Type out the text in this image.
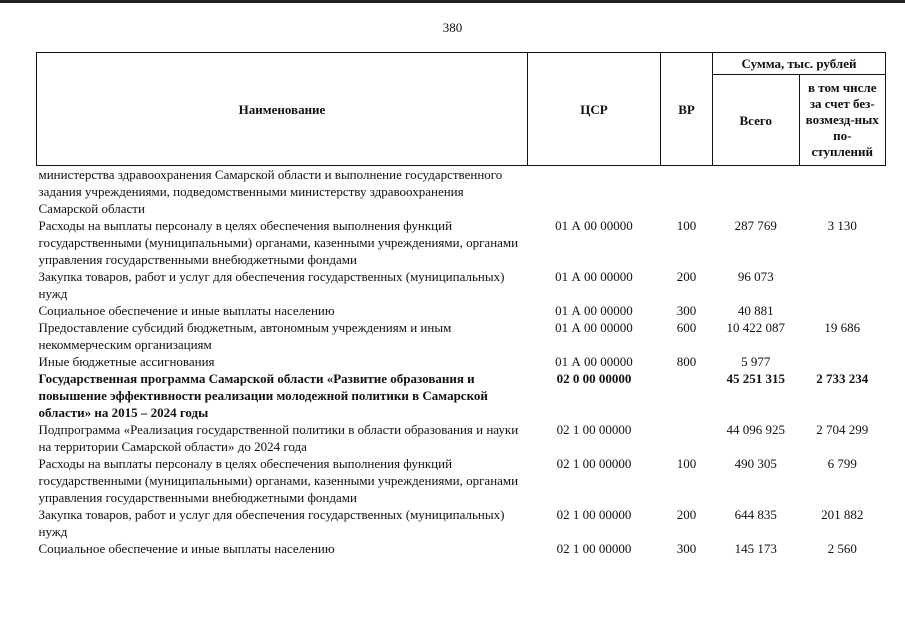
380
Наименование	ЦСР	ВР	Сумма, тыс. рублей	
			Всего	в том числе за счет без-возмезд-ных по-ступлений
министерства здравоохранения Самарской области и выполнение государственного задания учреждениями, подведомственными министерству здравоохранения Самарской области				
Расходы на выплаты персоналу в целях обеспечения выполнения функций государственными (муниципальными) органами, казенными учреждениями, органами управления государственными внебюджетными фондами	01 А 00 00000	100	287 769	3 130
Закупка товаров, работ и услуг для обеспечения государственных (муниципальных) нужд	01 А 00 00000	200	96 073	
Социальное обеспечение и иные выплаты населению	01 А 00 00000	300	40 881	
Предоставление субсидий бюджетным, автономным учреждениям и иным некоммерческим организациям	01 А 00 00000	600	10 422 087	19 686
Иные бюджетные ассигнования	01 А 00 00000	800	5 977	
Государственная программа Самарской области «Развитие образования и повышение эффективности реализации молодежной политики в Самарской области» на 2015 – 2024 годы	02 0 00 00000		45 251 315	2 733 234
Подпрограмма «Реализация государственной политики в области образования и науки на территории Самарской области» до 2024 года	02 1 00 00000		44 096 925	2 704 299
Расходы на выплаты персоналу в целях обеспечения выполнения функций государственными (муниципальными) органами, казенными учреждениями, органами управления государственными внебюджетными фондами	02 1 00 00000	100	490 305	6 799
Закупка товаров, работ и услуг для обеспечения государственных (муниципальных) нужд	02 1 00 00000	200	644 835	201 882
Социальное обеспечение и иные выплаты населению	02 1 00 00000	300	145 173	2 560
